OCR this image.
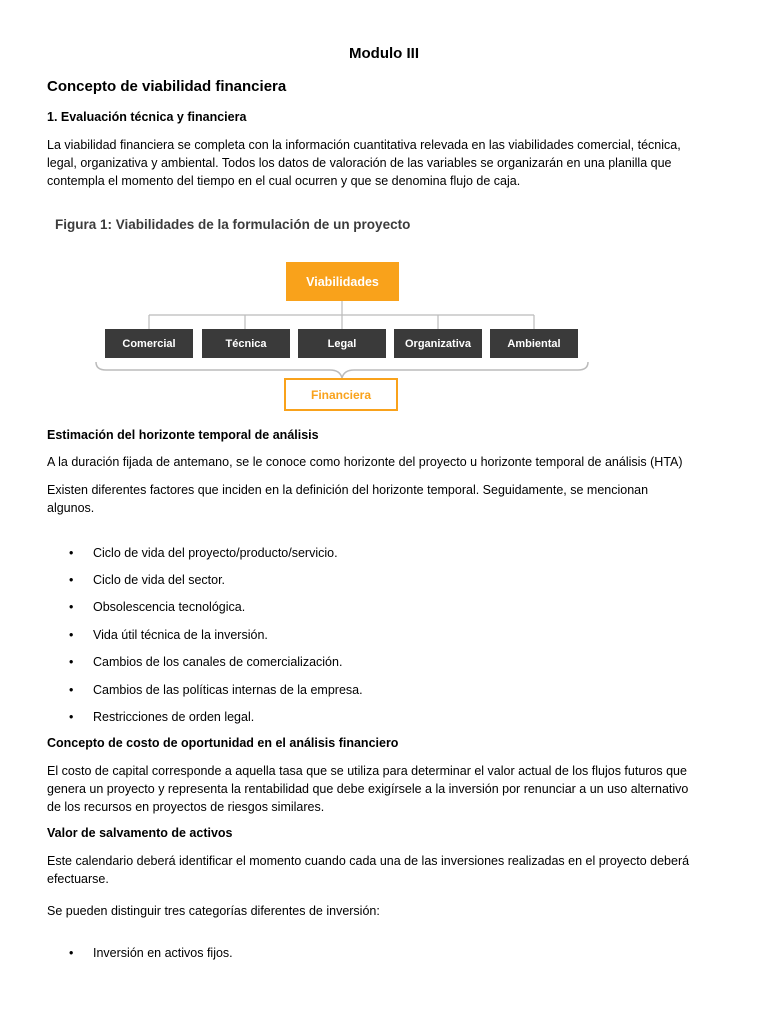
Modulo III
Concepto de viabilidad financiera
1. Evaluación técnica y financiera
La viabilidad financiera se completa con la información cuantitativa relevada en las viabilidades comercial, técnica,
legal, organizativa y ambiental. Todos los datos de valoración de las variables se organizarán en una planilla que
contempla el momento del tiempo en el cual ocurren y que se denomina flujo de caja.
Figura 1: Viabilidades de la formulación de un proyecto
Viabilidades
Comercial	Técnica	Legal	Organizativa	Ambiental
Financiera
Estimación del horizonte temporal de análisis
A la duración fijada de antemano, se le conoce como horizonte del proyecto u horizonte temporal de análisis (HTA)
Existen diferentes factores que inciden en la definición del horizonte temporal. Seguidamente, se mencionan
algunos.
•	Ciclo de vida del proyecto/producto/servicio.
•	Ciclo de vida del sector.
•	Obsolescencia tecnológica.
•	Vida útil técnica de la inversión.
•	Cambios de los canales de comercialización.
•	Cambios de las políticas internas de la empresa.
•	Restricciones de orden legal.
Concepto de costo de oportunidad en el análisis financiero
El costo de capital corresponde a aquella tasa que se utiliza para determinar el valor actual de los flujos futuros que
genera un proyecto y representa la rentabilidad que debe exigírsele a la inversión por renunciar a un uso alternativo
de los recursos en proyectos de riesgos similares.
Valor de salvamento de activos
Este calendario deberá identificar el momento cuando cada una de las inversiones realizadas en el proyecto deberá
efectuarse.
Se pueden distinguir tres categorías diferentes de inversión:
•	Inversión en activos fijos.
